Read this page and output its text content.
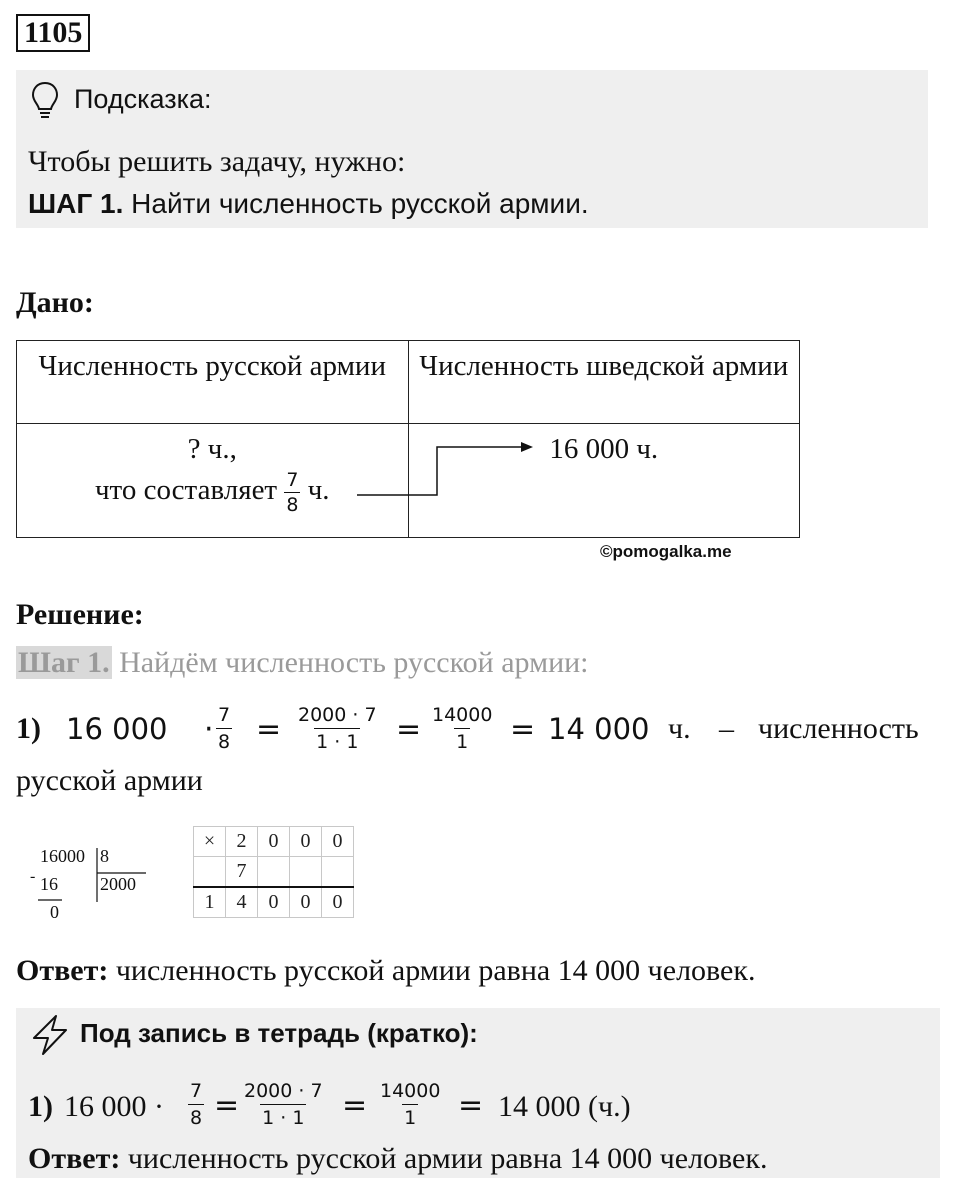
1105
Подсказка:
Чтобы решить задачу, нужно:
ШАГ 1. Найти численность русской армии.
Дано:
Численность русской армии	Численность шведской армии

? ч.,
что составляет $\frac{7}{8} ч$.	16 000 ч.
©pomogalka.me
Решение:
Шаг 1. Найдём численность русской армии:
1) 16 $000 \cdot \frac{7}{8} = \frac{2000 \cdot 7}{1 \cdot 1} = \frac{14000}{1} = 14$ 000 ч. – численность
русской армии
16000 8
- 16 2000
0
×	2	0	0	0
	7			
1	4	0	0	0
Ответ: численность русской армии равна 14 000 человек.
Под запись в тетрадь (кратко):
1) 16 $000 \cdot \frac{7}{8} = \frac{2000 \cdot 7}{1 \cdot 1} = \frac{14000}{1} = 14$ 000 (ч.)
Ответ: численность русской армии равна 14 000 человек.
